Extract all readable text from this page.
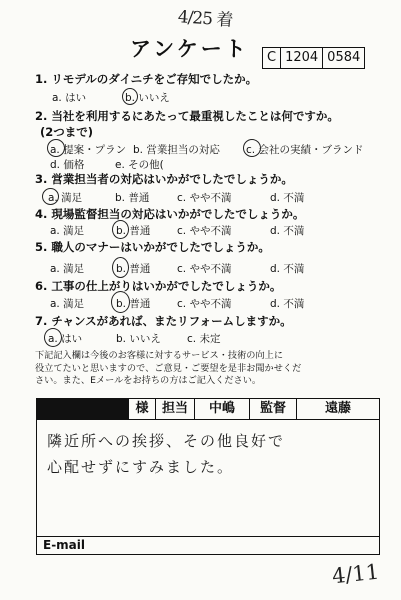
4/25 着
アンケート	C 1204 0584
1. リモデルのダイニチをご存知でしたか。
a. はい	b. いいえ
2. 当社を利用するにあたって最重視したことは何ですか。
(2つまで)
a. 提案・プラン b. 営業担当の対応 c. 会社の実績・ブランド
d. 価格	e. その他(
3. 営業担当者の対応はいかがでしたでしょうか。
a. 満足	b. 普通	c. やや不満	d. 不満
4. 現場監督担当の対応はいかがでしたでしょうか。
a. 満足	b. 普通	c. やや不満	d. 不満
5. 職人のマナーはいかがでしたでしょうか。
a. 満足	b. 普通	c. やや不満	d. 不満
6. 工事の仕上がりはいかがでしたでしょうか。
a. 満足	b. 普通	c. やや不満	d. 不満
7. チャンスがあれば、またリフォームしますか。
a. はい	b. いいえ c. 未定
下記記入欄は今後のお客様に対するサービス・技術の向上に
役立てたいと思いますので、ご意見・ご要望を是非お聞かせくだ
さい。また、Eメールをお持ちの方はご記入ください。
様	担当	中嶋	監督	遠藤
隣近所への挨拶、その他良好で
心配せずにすみました。
E-mail
4/11
